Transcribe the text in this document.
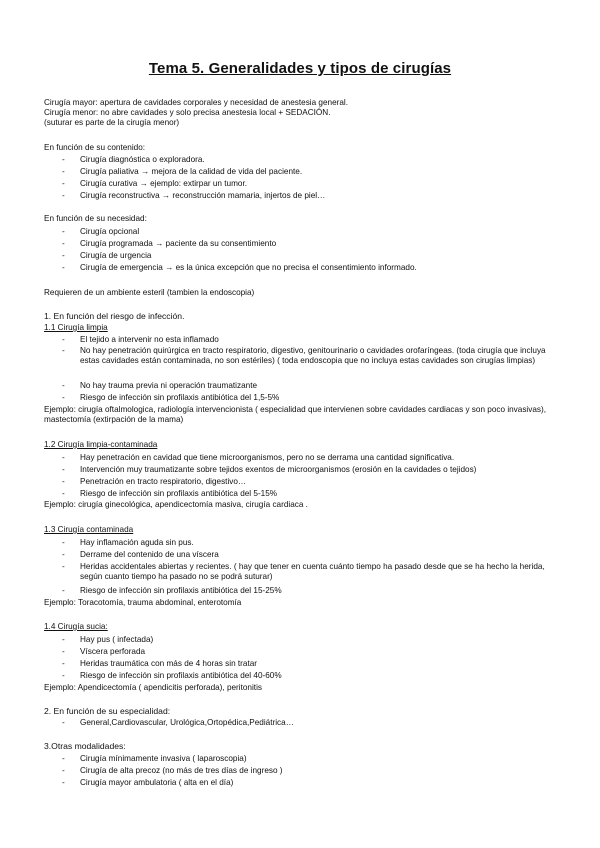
Tema 5. Generalidades y tipos de cirugías
Cirugía mayor: apertura de cavidades corporales y necesidad de anestesia general.
Cirugía menor: no abre cavidades y solo precisa anestesia local + SEDACIÓN.
(suturar es parte de la cirugía menor)
En función de su contenido:
- Cirugía diagnóstica o exploradora.
- Cirugía paliativa → mejora de la calidad de vida del paciente.
- Cirugía curativa → ejemplo: extirpar un tumor.
- Cirugía reconstructiva → reconstrucción mamaria, injertos de piel…
En función de su necesidad:
- Cirugía opcional
- Cirugía programada → paciente da su consentimiento
- Cirugía de urgencia
- Cirugía de emergencia → es la única excepción que no precisa el consentimiento informado.
Requieren de un ambiente esteril (tambien la endoscopia)
1. En función del riesgo de infección.
1.1 Cirugía limpia
- El tejido a intervenir no esta inflamado
- No hay penetración quirúrgica en tracto respiratorio, digestivo, genitourinario o cavidades orofaríngeas. (toda cirugía que incluya estas cavidades están contaminada, no son estériles) ( toda endoscopia que no incluya estas cavidades son cirugías limpias)
- No hay trauma previa ni operación traumatizante
- Riesgo de infección sin profilaxis antibiótica del 1,5-5%
Ejemplo: cirugía oftalmologica, radiología intervencionista ( especialidad que intervienen sobre cavidades cardiacas y son poco invasivas), mastectomía (extirpación de la mama)
1.2 Cirugía limpia-contaminada
- Hay penetración en cavidad que tiene microorganismos, pero no se derrama una cantidad significativa.
- Intervención muy traumatizante sobre tejidos exentos de microorganismos (erosión en la cavidades o tejidos)
- Penetración en tracto respiratorio, digestivo…
- Riesgo de infección sin profilaxis antibiótica del 5-15%
Ejemplo: cirugía ginecológica, apendicectomía masiva, cirugía cardiaca .
1.3 Cirugía contaminada
- Hay inflamación aguda sin pus.
- Derrame del contenido de una víscera
- Heridas accidentales abiertas y recientes. ( hay que tener en cuenta cuánto tiempo ha pasado desde que se ha hecho la herida, según cuanto tiempo ha pasado no se podrá suturar)
- Riesgo de infección sin profilaxis antibiótica del 15-25%
Ejemplo: Toracotomía, trauma abdominal, enterotomía
1.4 Cirugía sucia:
- Hay pus ( infectada)
- Víscera perforada
- Heridas traumática con más de 4 horas sin tratar
- Riesgo de infección sin profilaxis antibiótica del 40-60%
Ejemplo: Apendicectomía ( apendicitis perforada), peritonitis
2. En función de su especialidad:
- General,Cardiovascular, Urológica,Ortopédica,Pediátrica…
3.Otras modalidades:
- Cirugía mínimamente invasiva ( laparoscopia)
- Cirugía de alta precoz (no más de tres días de ingreso )
- Cirugía mayor ambulatoria ( alta en el día)
